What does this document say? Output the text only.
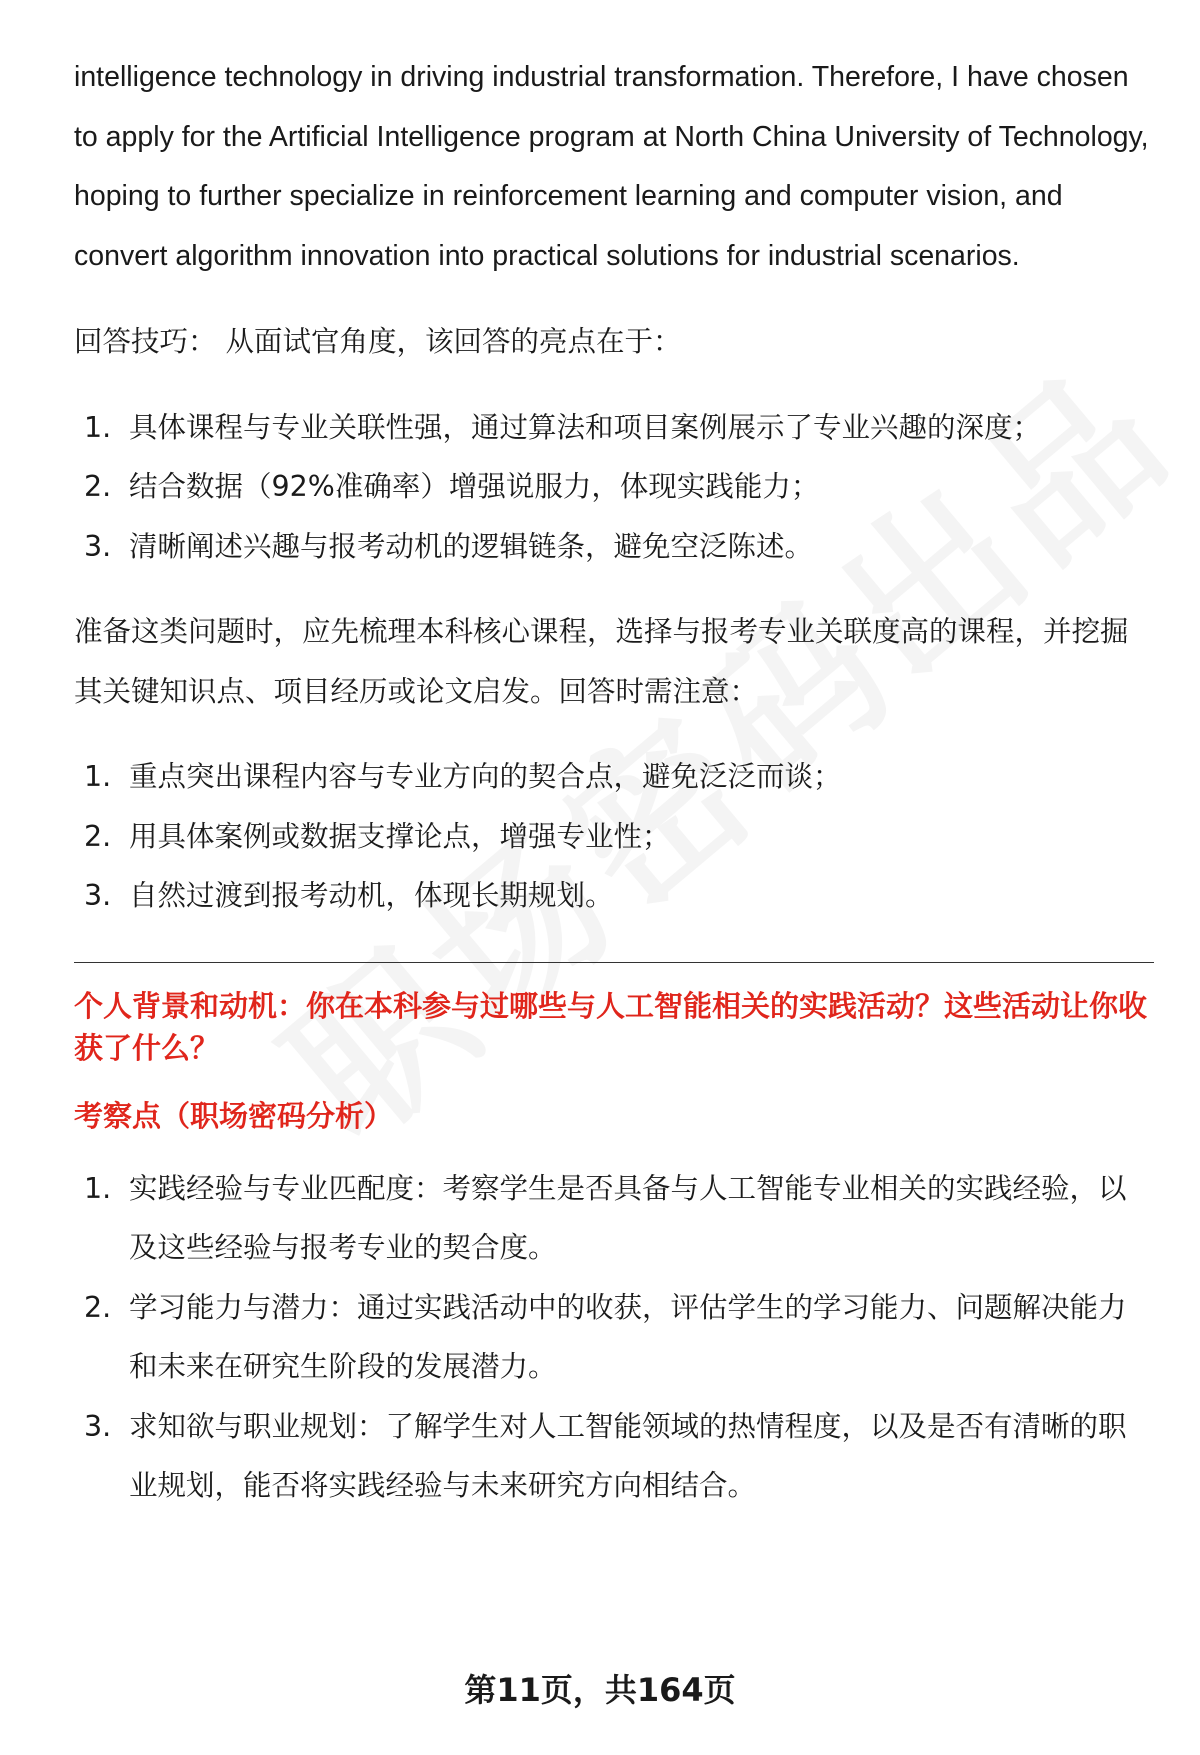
intelligence technology in driving industrial transformation. Therefore, I have chosen to apply for the Artificial Intelligence program at North China University of Technology, hoping to further specialize in reinforcement learning and computer vision, and convert algorithm innovation into practical solutions for industrial scenarios.

回答技巧： 从面试官角度，该回答的亮点在于：

1. 具体课程与专业关联性强，通过算法和项目案例展示了专业兴趣的深度；
2. 结合数据（92%准确率）增强说服力，体现实践能力；
3. 清晰阐述兴趣与报考动机的逻辑链条，避免空泛陈述。

准备这类问题时，应先梳理本科核心课程，选择与报考专业关联度高的课程，并挖掘其关键知识点、项目经历或论文启发。回答时需注意：

1. 重点突出课程内容与专业方向的契合点，避免泛泛而谈；
2. 用具体案例或数据支撑论点，增强专业性；
3. 自然过渡到报考动机，体现长期规划。

个人背景和动机：你在本科参与过哪些与人工智能相关的实践活动？这些活动让你收获了什么？

考察点（职场密码分析）

1. 实践经验与专业匹配度：考察学生是否具备与人工智能专业相关的实践经验，以及这些经验与报考专业的契合度。
2. 学习能力与潜力：通过实践活动中的收获，评估学生的学习能力、问题解决能力和未来在研究生阶段的发展潜力。
3. 求知欲与职业规划：了解学生对人工智能领域的热情程度，以及是否有清晰的职业规划，能否将实践经验与未来研究方向相结合。
第11页，共164页
